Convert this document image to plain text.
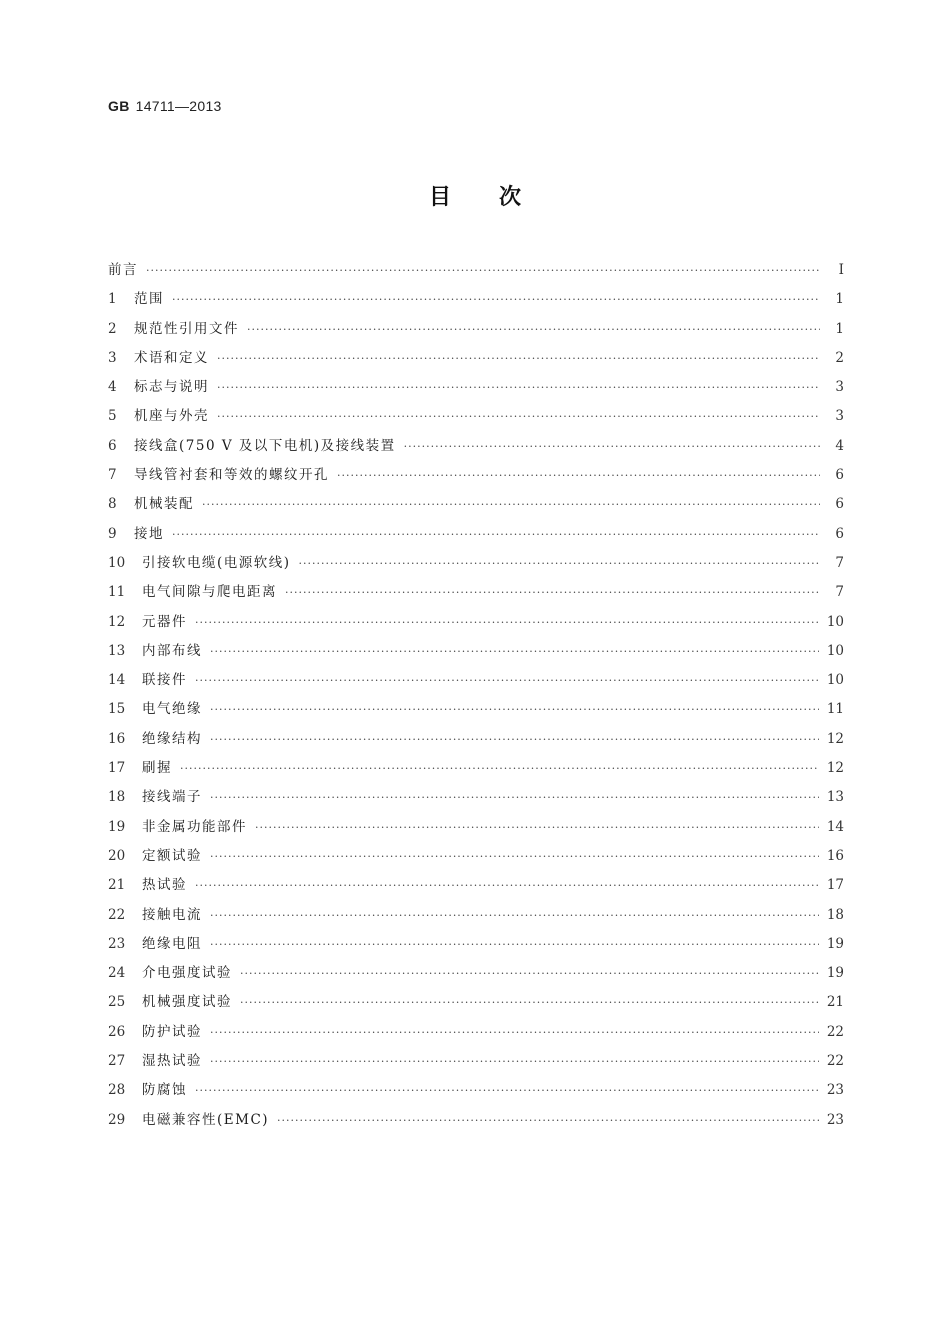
GB 14711—2013
目次
前言 ·····	Ⅰ
1	范围 ·····	1
2	规范性引用文件 ·····	1
3	术语和定义 ·····	2
4	标志与说明 ·····	3
5	机座与外壳 ·····	3
6	接线盒(750 V 及以下电机)及接线装置 ·····	4
7	导线管衬套和等效的螺纹开孔 ·····	6
8	机械装配 ·····	6
9	接地 ·····	6
10	引接软电缆(电源软线) ·····	7
11	电气间隙与爬电距离 ·····	7
12	元器件 ·····	10
13	内部布线 ·····	10
14	联接件 ·····	10
15	电气绝缘 ·····	11
16	绝缘结构 ·····	12
17	刷握 ·····	12
18	接线端子 ·····	13
19	非金属功能部件 ·····	14
20	定额试验 ·····	16
21	热试验 ·····	17
22	接触电流 ·····	18
23	绝缘电阻 ·····	19
24	介电强度试验 ·····	19
25	机械强度试验 ·····	21
26	防护试验 ·····	22
27	湿热试验 ·····	22
28	防腐蚀 ·····	23
29	电磁兼容性(EMC) ·····	23
